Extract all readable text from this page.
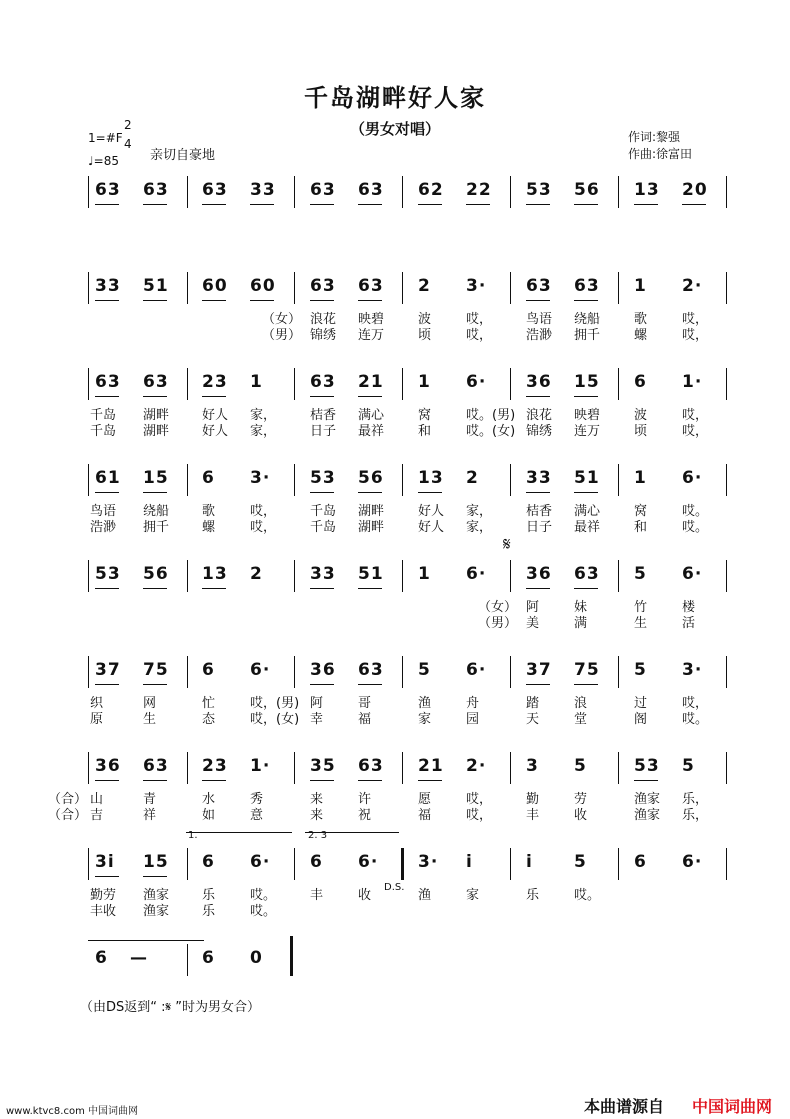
千岛湖畔好人家
（男女对唱）
1=#F
2
4
♩=85 亲切自豪地
作词:黎强
作曲:徐富田
63 63 63 33 63 63 62 22 53 56 13 20
33 51 60 60 63 63 2 3· 63 63 1 2·
（女） 浪花 映碧	波	哎，	鸟语 绕船	歌	哎，
（男） 锦绣 连万	顷	哎，	浩渺 拥千	螺	哎，
63 63 23 1	63 21 1 6· 36 15 6 1·
千岛 湖畔	好人 家，	桔香 满心	窝	哎。(男) 浪花 映碧	波	哎，
千岛 湖畔	好人 家，	日子 最祥	和	哎。(女) 锦绣 连万	顷	哎，
61 15 6 3· 53 56 13 2	33 51 1 6·
鸟语 绕船	歌	哎，	千岛 湖畔	好人 家，	桔香 满心	窝	哎。
浩渺 拥千	螺	哎，	千岛 湖畔	好人 家，	日子 最祥	和	哎。
53 56 13 2	33 51 1 6· 36 63 5 6·
（女） 阿	妹	竹	楼
（男） 美	满	生	活
37 75 6 6· 36 63 5 6· 37 75 5 3·
织	网	忙	哎，(男) 阿	哥	渔	舟	踏	浪	过	哎，
原	生	态	哎，(女) 幸	福	家	园	天	堂	阁	哎。
36 63 23 1· 35 63 21 2· 3 5	53 5
（合） 山	青	水	秀	来	许	愿	哎，	勤	劳	渔家 乐，
（合） 吉	祥	如	意	来	祝	福	哎，	丰	收	渔家 乐，
3i 15 6 6· 6 6· 3· i	i 5	6 6·
勤劳 渔家	乐	哎。	丰	收	渔	家	乐	哎。
丰收 渔家	乐	哎。
6 —	6 0
𝄋
1.	2. 3
D.S.
（由DS返到“ :𝄋 ”时为男女合）
www.ktvc8.com 中国词曲网	本曲谱源自 中国词曲网
